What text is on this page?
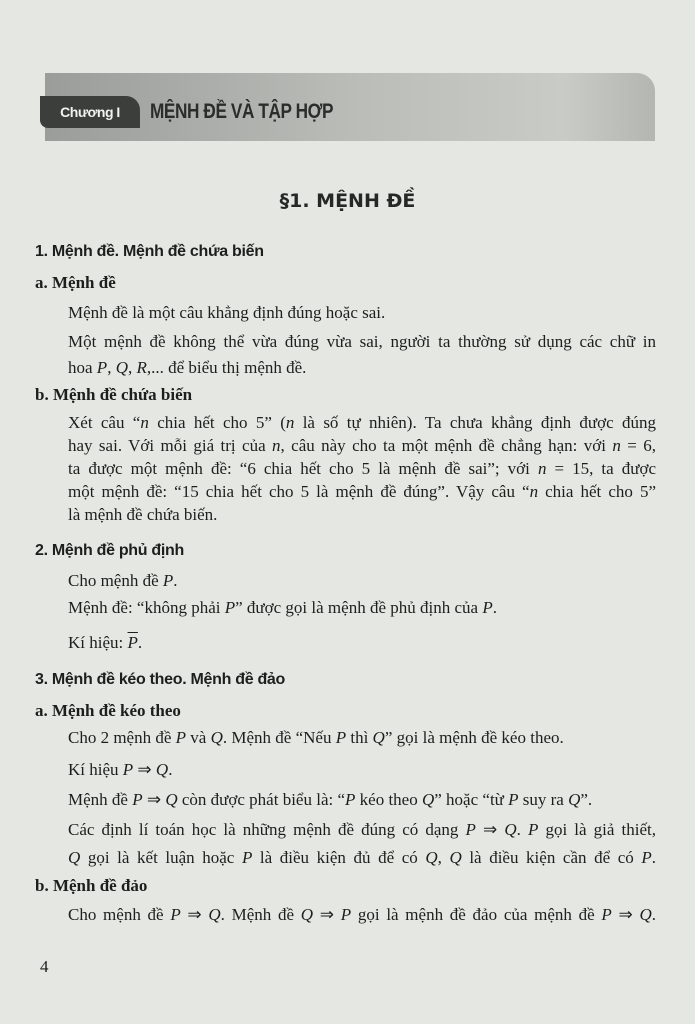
Chương I	MỆNH ĐỀ VÀ TẬP HỢP
§1. MỆNH ĐỀ
1. Mệnh đề. Mệnh đề chứa biến
a. Mệnh đề
Mệnh đề là một câu khẳng định đúng hoặc sai.
Một mệnh đề không thể vừa đúng vừa sai, người ta thường sử dụng các chữ in
hoa P, Q, R,... để biểu thị mệnh đề.
b. Mệnh đề chứa biến
Xét câu “n chia hết cho 5” (n là số tự nhiên). Ta chưa khẳng định được đúng
hay sai. Với mỗi giá trị của n, câu này cho ta một mệnh đề chẳng hạn: với n = 6,
ta được một mệnh đề: “6 chia hết cho 5 là mệnh đề sai”; với n = 15, ta được
một mệnh đề: “15 chia hết cho 5 là mệnh đề đúng”. Vậy câu “n chia hết cho 5”
là mệnh đề chứa biến.
2. Mệnh đề phủ định
Cho mệnh đề P.
Mệnh đề: “không phải P” được gọi là mệnh đề phủ định của P.
Kí hiệu: $\overline{P}$.
3. Mệnh đề kéo theo. Mệnh đề đảo
a. Mệnh đề kéo theo
Cho 2 mệnh đề P và Q. Mệnh đề “Nếu P thì Q” gọi là mệnh đề kéo theo.
Kí hiệu P ⇒ Q.
Mệnh đề P ⇒ Q còn được phát biểu là: “P kéo theo Q” hoặc “từ P suy ra Q”.
Các định lí toán học là những mệnh đề đúng có dạng P ⇒ Q. P gọi là giả thiết,
Q gọi là kết luận hoặc P là điều kiện đủ để có Q, Q là điều kiện cần để có P.
b. Mệnh đề đảo
Cho mệnh đề P ⇒ Q. Mệnh đề Q ⇒ P gọi là mệnh đề đảo của mệnh đề P ⇒ Q.
4
